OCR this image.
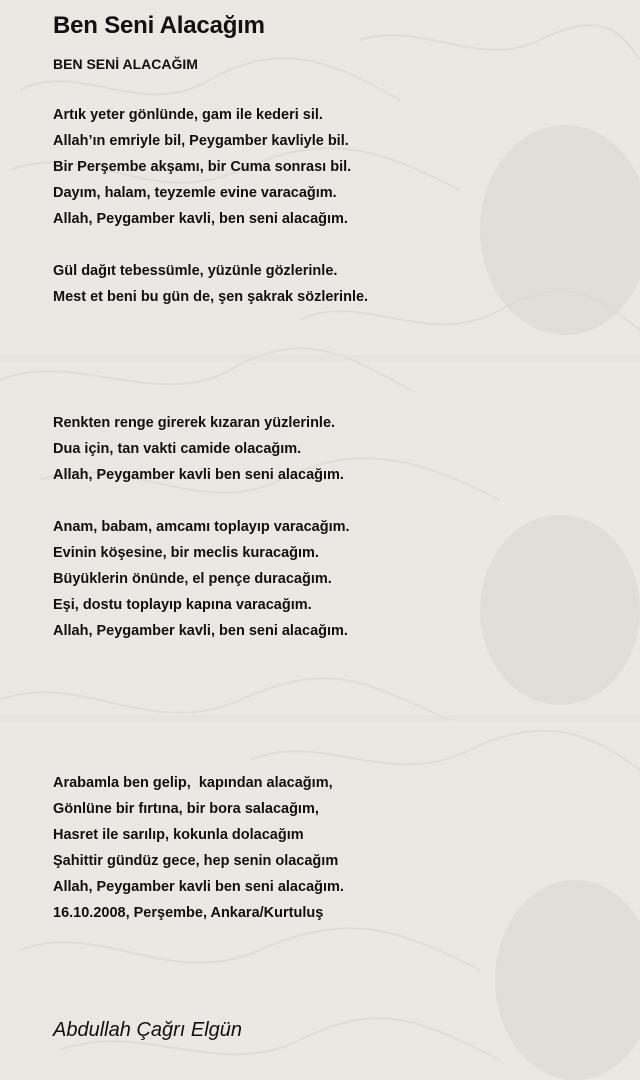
Ben Seni Alacağım
BEN SENİ ALACAĞIM
Artık yeter gönlünde, gam ile kederi sil.
Allah’ın emriyle bil, Peygamber kavliyle bil.
Bir Perşembe akşamı, bir Cuma sonrası bil.
Dayım, halam, teyzemle evine varacağım.
Allah, Peygamber kavli, ben seni alacağım.
Gül dağıt tebessümle, yüzünle gözlerinle.
Mest et beni bu gün de, şen şakrak sözlerinle.
Renkten renge girerek kızaran yüzlerinle.
Dua için, tan vakti camide olacağım.
Allah, Peygamber kavli ben seni alacağım.
Anam, babam, amcamı toplayıp varacağım.
Evinin köşesine, bir meclis kuracağım.
Büyüklerin önünde, el pençe duracağım.
Eşi, dostu toplayıp kapına varacağım.
Allah, Peygamber kavli, ben seni alacağım.
Arabamla ben gelip,  kapından alacağım,
Gönlüne bir fırtına, bir bora salacağım,
Hasret ile sarılıp, kokunla dolacağım
Şahittir gündüz gece, hep senin olacağım
Allah, Peygamber kavli ben seni alacağım.
16.10.2008, Perşembe, Ankara/Kurtuluş

Abdullah Çağrı Elgün
